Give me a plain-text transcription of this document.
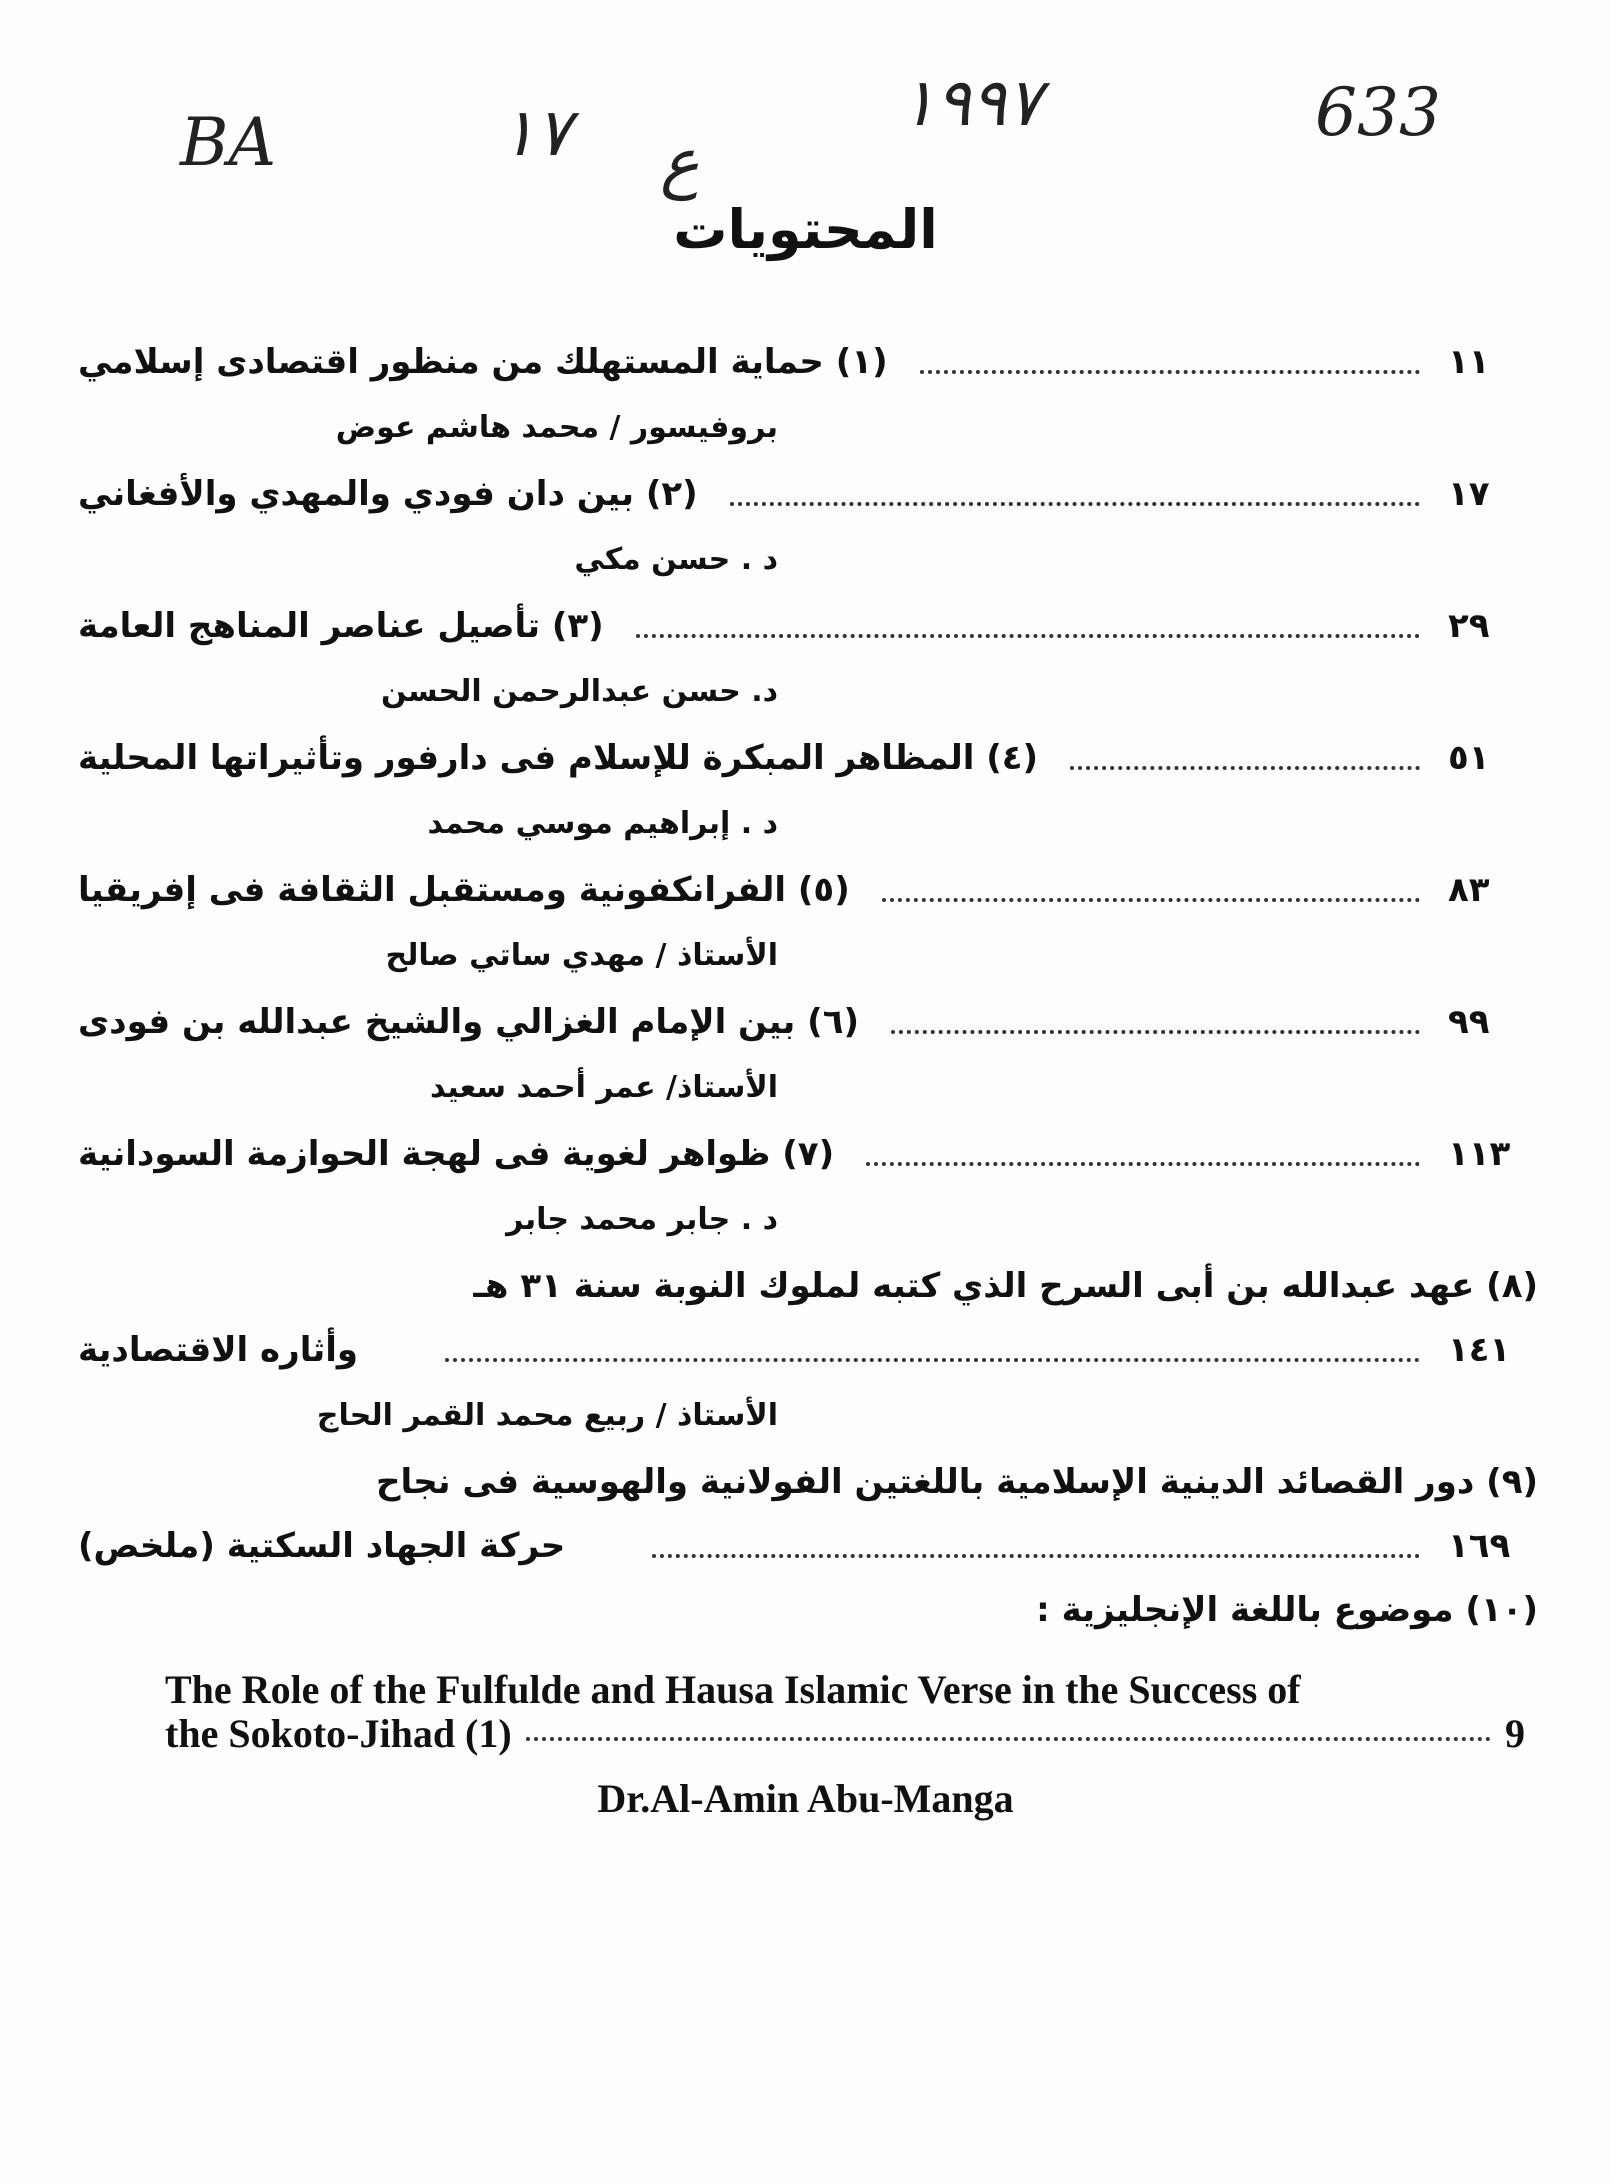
BA	١٧ ع
١٩٩٧	633
المحتويات
(١) حماية المستهلك من منظور اقتصادى إسلامي	١١
بروفيسور / محمد هاشم عوض
(٢) بين دان فودي والمهدي والأفغاني	١٧
د . حسن مكي
(٣) تأصيل عناصر المناهج العامة	٢٩
د. حسن عبدالرحمن الحسن
(٤) المظاهر المبكرة للإسلام فى دارفور وتأثيراتها المحلية	٥١
د . إبراهيم موسي محمد
(٥) الفرانكفونية ومستقبل الثقافة فى إفريقيا	٨٣
الأستاذ / مهدي ساتي صالح
(٦) بين الإمام الغزالي والشيخ عبدالله بن فودى	٩٩
الأستاذ/ عمر أحمد سعيد
(٧) ظواهر لغوية فى لهجة الحوازمة السودانية	١١٣
د . جابر محمد جابر
(٨) عهد عبدالله بن أبى السرح الذي كتبه لملوك النوبة سنة ٣١ هـ
وأثاره الاقتصادية	١٤١
الأستاذ / ربيع محمد القمر الحاج
(٩) دور القصائد الدينية الإسلامية باللغتين الفولانية والهوسية فى نجاح
حركة الجهاد السكتية (ملخص)	١٦٩
(١٠) موضوع باللغة الإنجليزية :
The Role of the Fulfulde and Hausa Islamic Verse in the Success of
the Sokoto-Jihad (1)	9
Dr.Al-Amin Abu-Manga
